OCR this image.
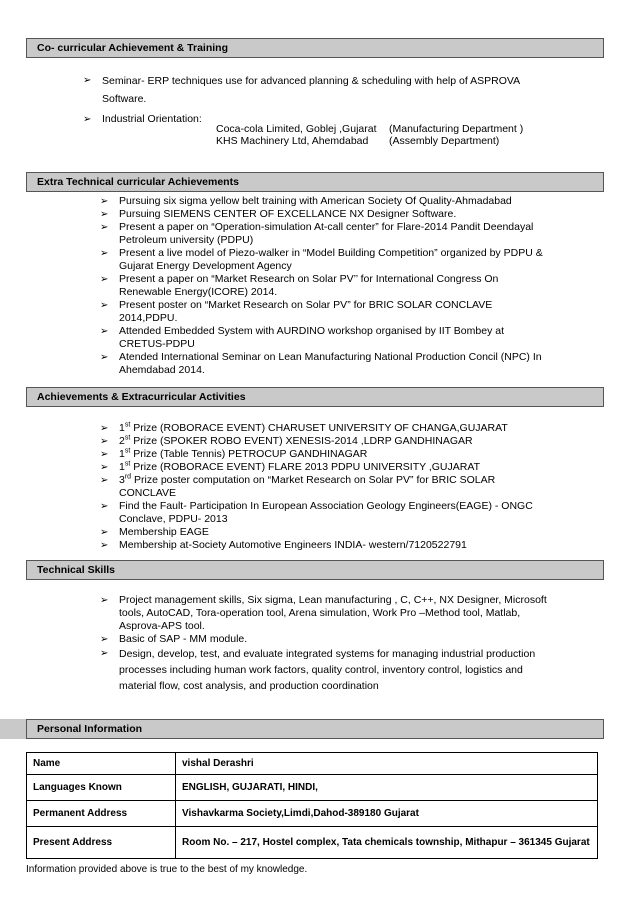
Co- curricular Achievement & Training
➢ Seminar- ERP techniques use for advanced planning & scheduling with help of ASPROVA
Software.
➢ Industrial Orientation:
Coca-cola Limited, Goblej ,Gujarat (Manufacturing Department )
KHS Machinery Ltd, Ahemdabad (Assembly Department)
Extra Technical curricular Achievements
➢ Pursuing six sigma yellow belt training with American Society Of Quality-Ahmadabad
➢ Pursuing SIEMENS CENTER OF EXCELLANCE NX Designer Software.
➢ Present a paper on “Operation-simulation At-call center” for Flare-2014 Pandit Deendayal
Petroleum university (PDPU)
➢ Present a live model of Piezo-walker in “Model Building Competition” organized by PDPU &
Gujarat Energy Development Agency
➢ Present a paper on “Market Research on Solar PV’’ for International Congress On
Renewable Energy(ICORE) 2014.
➢ Present poster on “Market Research on Solar PV” for BRIC SOLAR CONCLAVE
2014,PDPU.
➢ Attended Embedded System with AURDINO workshop organised by IIT Bombey at
CRETUS-PDPU
➢ Atended International Seminar on Lean Manufacturing National Production Concil (NPC) In
Ahemdabad 2014.
Achievements & Extracurricular Activities
➢ 1st Prize (ROBORACE EVENT) CHARUSET UNIVERSITY OF CHANGA,GUJARAT
➢ 2st Prize (SPOKER ROBO EVENT) XENESIS-2014 ,LDRP GANDHINAGAR
➢ 1st Prize (Table Tennis) PETROCUP GANDHINAGAR
➢ 1st Prize (ROBORACE EVENT) FLARE 2013 PDPU UNIVERSITY ,GUJARAT
➢ 3rd Prize poster computation on “Market Research on Solar PV” for BRIC SOLAR
CONCLAVE
➢ Find the Fault- Participation In European Association Geology Engineers(EAGE) - ONGC
Conclave, PDPU- 2013
➢ Membership EAGE
➢ Membership at-Society Automotive Engineers INDIA- western/7120522791
Technical Skills
➢ Project management skills, Six sigma, Lean manufacturing , C, C++, NX Designer, Microsoft
tools, AutoCAD, Tora-operation tool, Arena simulation, Work Pro –Method tool, Matlab,
Asprova-APS tool.
➢ Basic of SAP - MM module.
➢ Design, develop, test, and evaluate integrated systems for managing industrial production
processes including human work factors, quality control, inventory control, logistics and
material flow, cost analysis, and production coordination
Personal Information
Name	vishal Derashri
Languages Known	ENGLISH, GUJARATI, HINDI,
Permanent Address	Vishavkarma Society,Limdi,Dahod-389180 Gujarat
Present Address	Room No. – 217, Hostel complex, Tata chemicals township, Mithapur – 361345 Gujarat
Information provided above is true to the best of my knowledge.
